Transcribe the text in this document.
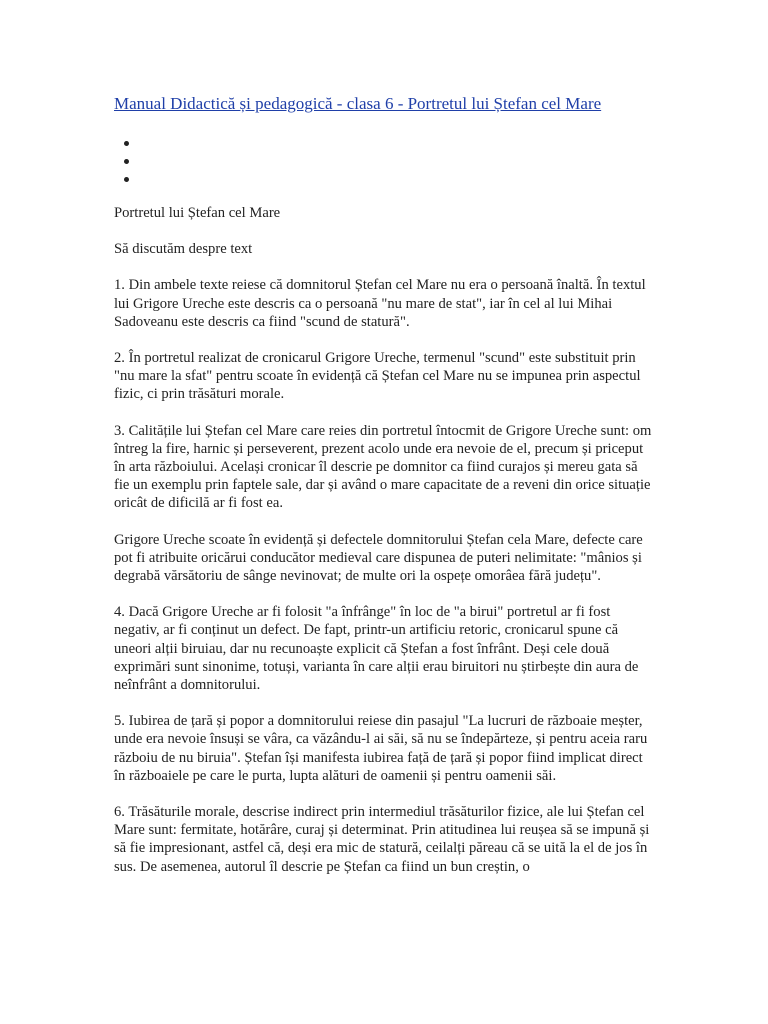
Manual Didactică și pedagogică - clasa 6 - Portretul lui Ștefan cel Mare

Portretul lui Ștefan cel Mare

Să discutăm despre text

1. Din ambele texte reiese că domnitorul Ștefan cel Mare nu era o persoană înaltă. În textul lui Grigore Ureche este descris ca o persoană "nu mare de stat", iar în cel al lui Mihai Sadoveanu este descris ca fiind "scund de statură".

2. În portretul realizat de cronicarul Grigore Ureche, termenul "scund" este substituit prin "nu mare la sfat" pentru scoate în evidență că Ștefan cel Mare nu se impunea prin aspectul fizic, ci prin trăsături morale.

3. Calitățile lui Ștefan cel Mare care reies din portretul întocmit de Grigore Ureche sunt: om întreg la fire, harnic și perseverent, prezent acolo unde era nevoie de el, precum și priceput în arta războiului. Același cronicar îl descrie pe domnitor ca fiind curajos și mereu gata să fie un exemplu prin faptele sale, dar și având o mare capacitate de a reveni din orice situație oricât de dificilă ar fi fost ea.

Grigore Ureche scoate în evidență și defectele domnitorului Ștefan cela Mare, defecte care pot fi atribuite oricărui conducător medieval care dispunea de puteri nelimitate: "mânios și degrabă vărsătoriu de sânge nevinovat; de multe ori la ospețe omorâea fără județu".

4. Dacă Grigore Ureche ar fi folosit "a înfrânge" în loc de "a birui" portretul ar fi fost negativ, ar fi conținut un defect. De fapt, printr-un artificiu retoric, cronicarul spune că uneori alții biruiau, dar nu recunoaște explicit că Ștefan a fost înfrânt. Deși cele două exprimări sunt sinonime, totuși, varianta în care alții erau biruitori nu știrbește din aura de neînfrânt a domnitorului.

5. Iubirea de țară și popor a domnitorului reiese din pasajul "La lucruri de războaie meșter, unde era nevoie însuși se vâra, ca văzându-l ai săi, să nu se îndepărteze, și pentru aceia raru războiu de nu biruia". Ștefan își manifesta iubirea față de țară și popor fiind implicat direct în războaiele pe care le purta, lupta alături de oamenii și pentru oamenii săi.

6. Trăsăturile morale, descrise indirect prin intermediul trăsăturilor fizice, ale lui Ștefan cel Mare sunt: fermitate, hotărâre, curaj și determinat. Prin atitudinea lui reușea să se impună și să fie impresionant, astfel că, deși era mic de statură, ceilalți păreau că se uită la el de jos în sus. De asemenea, autorul îl descrie pe Ștefan ca fiind un bun creștin, o
